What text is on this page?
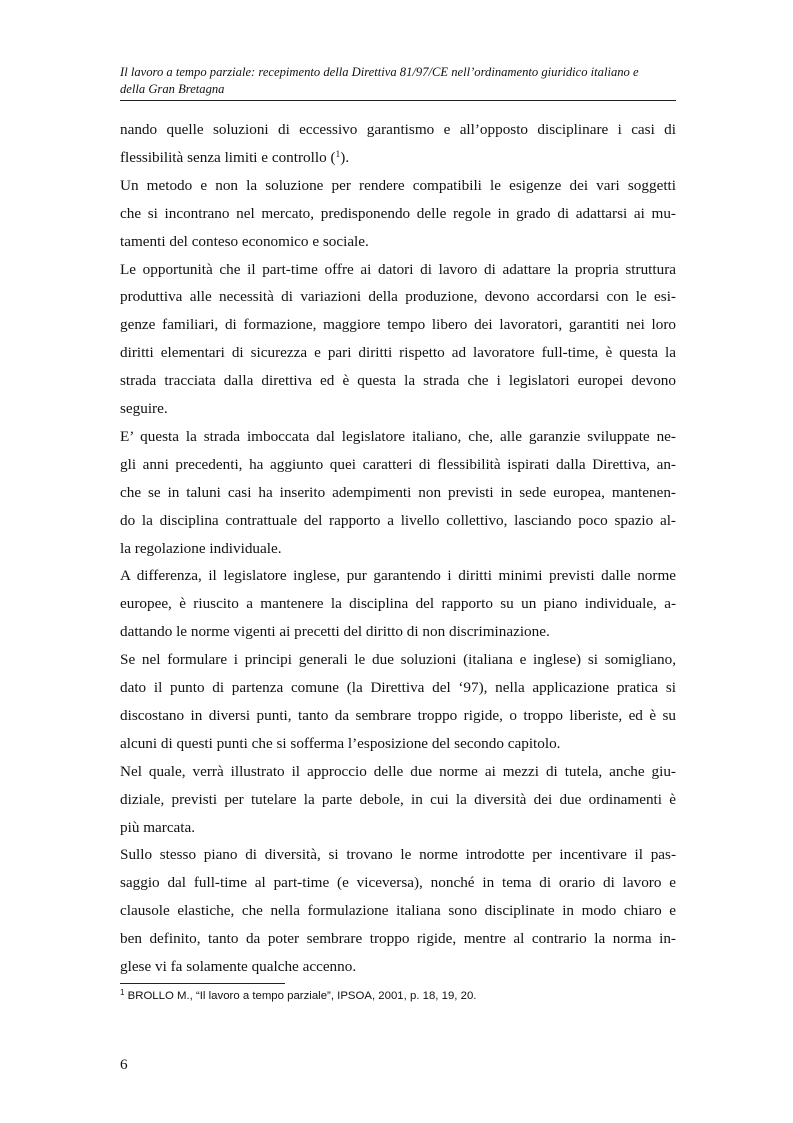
Il lavoro a tempo parziale: recepimento della Direttiva 81/97/CE nell’ordinamento giuridico italiano e
della Gran Bretagna
nando quelle soluzioni di eccessivo garantismo e all’opposto disciplinare i casi di
flessibilità senza limiti e controllo ($^1$).
Un metodo e non la soluzione per rendere compatibili le esigenze dei vari soggetti
che si incontrano nel mercato, predisponendo delle regole in grado di adattarsi ai mu-
tamenti del conteso economico e sociale.
Le opportunità che il part-time offre ai datori di lavoro di adattare la propria struttura
produttiva alle necessità di variazioni della produzione, devono accordarsi con le esi-
genze familiari, di formazione, maggiore tempo libero dei lavoratori, garantiti nei loro
diritti elementari di sicurezza e pari diritti rispetto ad lavoratore full-time, è questa la
strada tracciata dalla direttiva ed è questa la strada che i legislatori europei devono
seguire.
E’ questa la strada imboccata dal legislatore italiano, che, alle garanzie sviluppate ne-
gli anni precedenti, ha aggiunto quei caratteri di flessibilità ispirati dalla Direttiva, an-
che se in taluni casi ha inserito adempimenti non previsti in sede europea, mantenen-
do la disciplina contrattuale del rapporto a livello collettivo, lasciando poco spazio al-
la regolazione individuale.
A differenza, il legislatore inglese, pur garantendo i diritti minimi previsti dalle norme
europee, è riuscito a mantenere la disciplina del rapporto su un piano individuale, a-
dattando le norme vigenti ai precetti del diritto di non discriminazione.
Se nel formulare i principi generali le due soluzioni (italiana e inglese) si somigliano,
dato il punto di partenza comune (la Direttiva del ‘97), nella applicazione pratica si
discostano in diversi punti, tanto da sembrare troppo rigide, o troppo liberiste, ed è su
alcuni di questi punti che si sofferma l’esposizione del secondo capitolo.
Nel quale, verrà illustrato il approccio delle due norme ai mezzi di tutela, anche giu-
diziale, previsti per tutelare la parte debole, in cui la diversità dei due ordinamenti è
più marcata.
Sullo stesso piano di diversità, si trovano le norme introdotte per incentivare il pas-
saggio dal full-time al part-time (e viceversa), nonché in tema di orario di lavoro e
clausole elastiche, che nella formulazione italiana sono disciplinate in modo chiaro e
ben definito, tanto da poter sembrare troppo rigide, mentre al contrario la norma in-
glese vi fa solamente qualche accenno.
$^1$ BROLLO M., “Il lavoro a tempo parziale”, IPSOA, 2001, p. 18, 19, 20.
6
